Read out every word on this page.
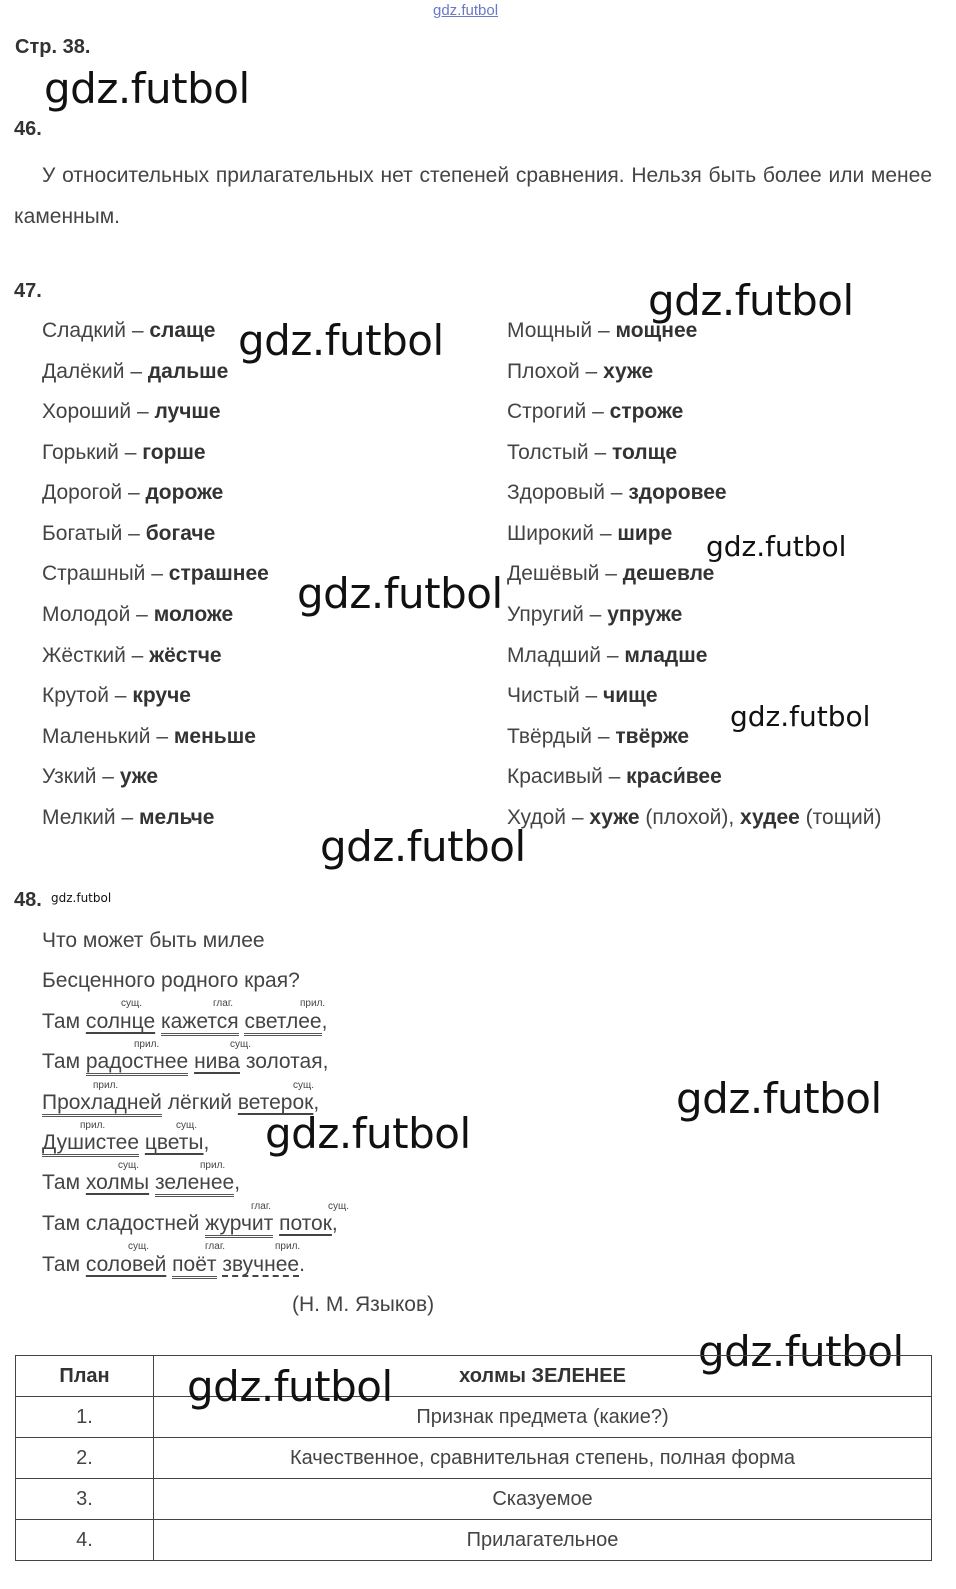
gdz.futbol
gdz.futbol
gdz.futbol
gdz.futbol
gdz.futbol
gdz.futbol
gdz.futbol
gdz.futbol
gdz.futbol
gdz.futbol
gdz.futbol
gdz.futbol
gdz.futbol
Стр. 38.
46.
У относительных прилагательных нет степеней сравнения. Нельзя быть более или менее каменным.
47.
Сладкий – слаще
Далёкий – дальше
Хороший – лучше
Горький – горше
Дорогой – дороже
Богатый – богаче
Страшный – страшнее
Молодой – моложе
Жёсткий – жёстче
Крутой – круче
Маленький – меньше
Узкий – уже
Мелкий – мельче
Мощный – мощнее
Плохой – хуже
Строгий – строже
Толстый – толще
Здоровый – здоровее
Широкий – шире
Дешёвый – дешевле
Упругий – упруже
Младший – младше
Чистый – чище
Твёрдый – твёрже
Красивый – краси́вее
Худой – хуже (плохой), худее (тощий)
48.
Что может быть милее
Бесценного родного края?
Там солнце кажется светлее,
сущ.	глаг.	прил.
Там радостнее нива золотая,
прил.	сущ.
Прохладней лёгкий ветерок,
прил.	сущ.
Душистее цветы,
прил.	сущ.
Там холмы зеленее,
сущ.	прил.
Там сладостней журчит поток,
глаг.	сущ.
Там соловей поёт звучнее.
сущ.	глаг.	прил.
(Н. М. Языков)
План	холмы ЗЕЛЕНЕЕ
1.	Признак предмета (какие?)
2.	Качественное, сравнительная степень, полная форма
3.	Сказуемое
4.	Прилагательное
